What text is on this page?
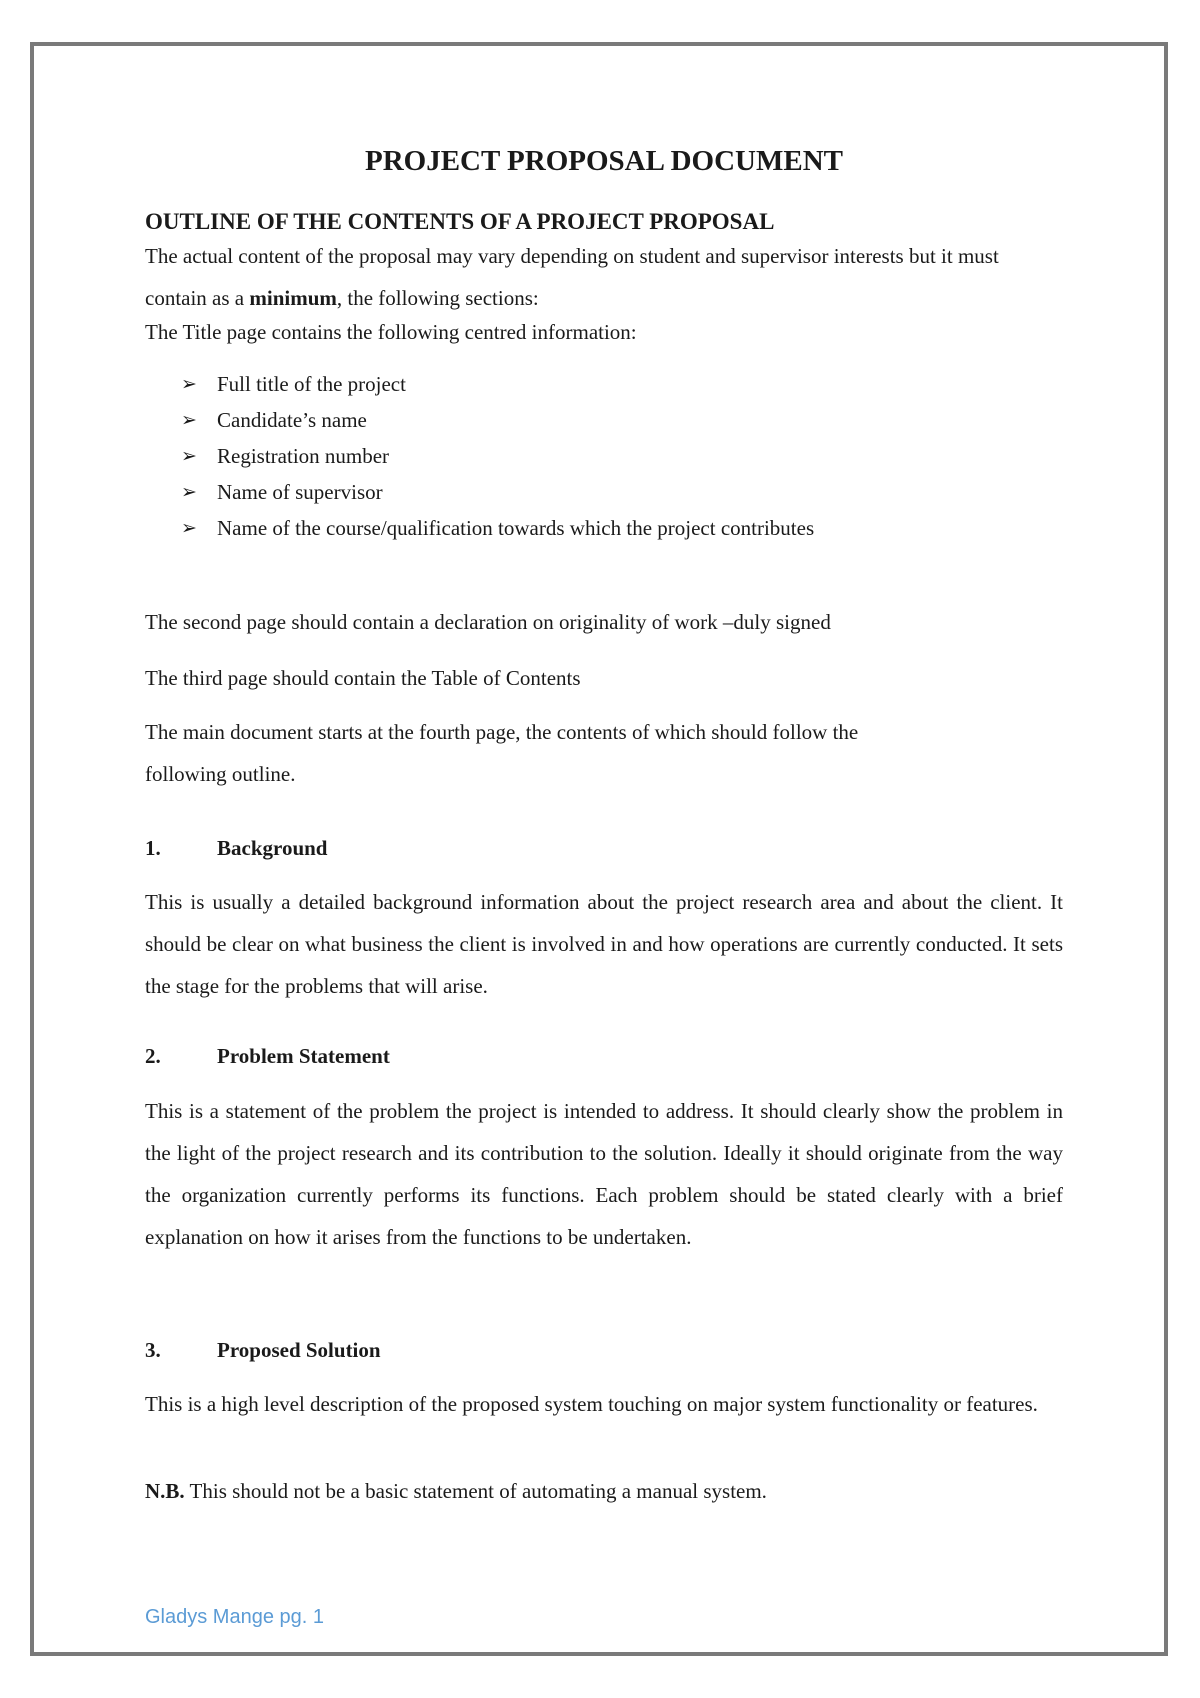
PROJECT PROPOSAL DOCUMENT
OUTLINE OF THE CONTENTS OF A PROJECT PROPOSAL

The actual content of the proposal may vary depending on student and supervisor interests but it must contain as a minimum, the following sections:

The Title page contains the following centred information:

➢ Full title of the project
➢ Candidate’s name
➢ Registration number
➢ Name of supervisor
➢ Name of the course/qualification towards which the project contributes

The second page should contain a declaration on originality of work –duly signed

The third page should contain the Table of Contents

The main document starts at the fourth page, the contents of which should follow the following outline.

1.	Background

This is usually a detailed background information about the project research area and about the client. It should be clear on what business the client is involved in and how operations are currently conducted. It sets the stage for the problems that will arise.

2.	Problem Statement

This is a statement of the problem the project is intended to address. It should clearly show the problem in the light of the project research and its contribution to the solution. Ideally it should originate from the way the organization currently performs its functions. Each problem should be stated clearly with a brief explanation on how it arises from the functions to be undertaken.

3.	Proposed Solution

This is a high level description of the proposed system touching on major system functionality or features.

N.B. This should not be a basic statement of automating a manual system.

Gladys Mange pg. 1
